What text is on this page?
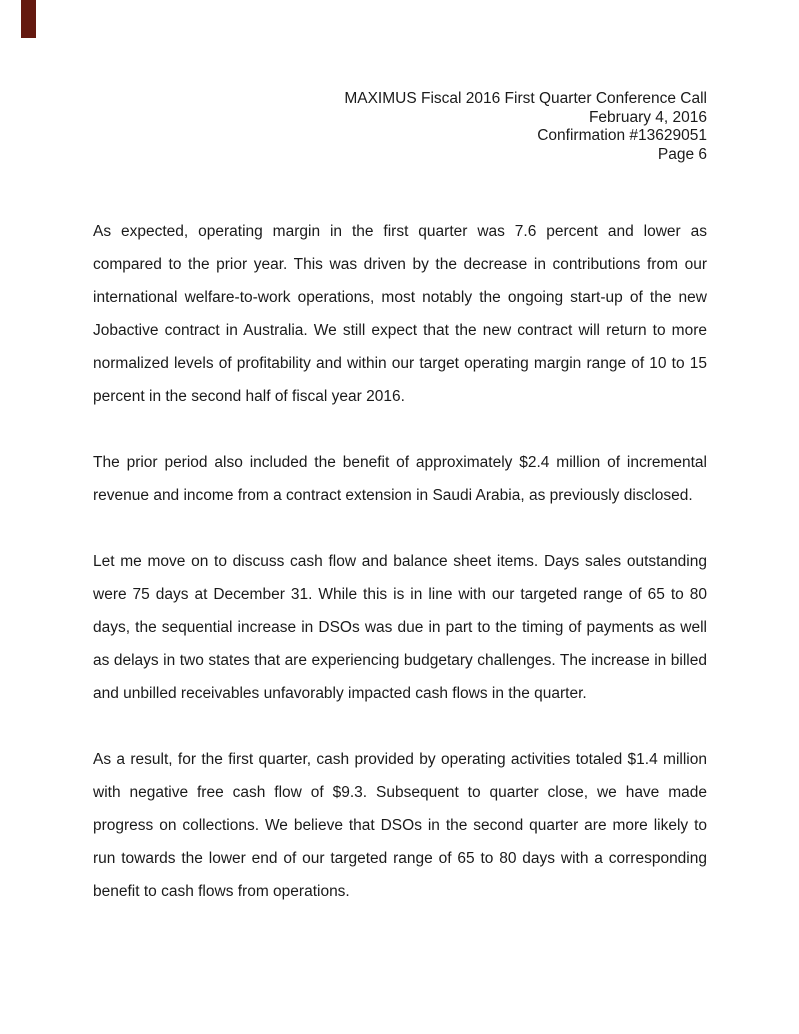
MAXIMUS Fiscal 2016 First Quarter Conference Call
February 4, 2016
Confirmation #13629051
Page 6

As expected, operating margin in the first quarter was 7.6 percent and lower as compared to the prior year. This was driven by the decrease in contributions from our international welfare-to-work operations, most notably the ongoing start-up of the new Jobactive contract in Australia. We still expect that the new contract will return to more normalized levels of profitability and within our target operating margin range of 10 to 15 percent in the second half of fiscal year 2016.

The prior period also included the benefit of approximately $2.4 million of incremental revenue and income from a contract extension in Saudi Arabia, as previously disclosed.

Let me move on to discuss cash flow and balance sheet items. Days sales outstanding were 75 days at December 31. While this is in line with our targeted range of 65 to 80 days, the sequential increase in DSOs was due in part to the timing of payments as well as delays in two states that are experiencing budgetary challenges. The increase in billed and unbilled receivables unfavorably impacted cash flows in the quarter.

As a result, for the first quarter, cash provided by operating activities totaled $1.4 million with negative free cash flow of $9.3. Subsequent to quarter close, we have made progress on collections. We believe that DSOs in the second quarter are more likely to run towards the lower end of our targeted range of 65 to 80 days with a corresponding benefit to cash flows from operations.
